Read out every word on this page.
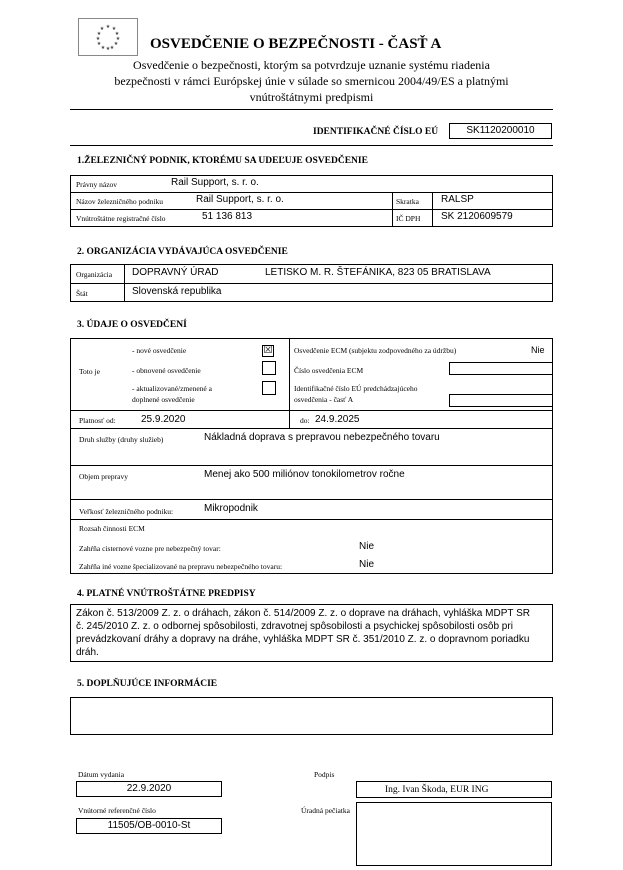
★ ★
★
★
★
★
★
★
★
★
★
★
OSVEDČENIE O BEZPEČNOSTI - ČASŤ A
Osvedčenie o bezpečnosti, ktorým sa potvrdzuje uznanie systému riadenia
bezpečnosti v rámci Európskej únie v súlade so smernicou 2004/49/ES a platnými
vnútroštátnymi predpismi
IDENTIFIKAČNÉ ČÍSLO EÚ	SK1120200010
1.ŽELEZNIČNÝ PODNIK, KTORÉMU SA UDEĽUJE OSVEDČENIE
Právny názov	Rail Support, s. r. o.
Názov železničného podniku	Rail Support, s. r. o.	Skratka RALSP
Vnútroštátne registračné číslo	51 136 813	IČ DPH SK 2120609579
2. ORGANIZÁCIA VYDÁVAJÚCA OSVEDČENIE
Organizácia DOPRAVNÝ ÚRAD	LETISKO M. R. ŠTEFÁNIKA, 823 05 BRATISLAVA
Štát	Slovenská republika
3. ÚDAJE O OSVEDČENÍ
Toto je
- nové osvedčenie	☒
- obnovené osvedčenie
- aktualizované/zmenené a
doplnené osvedčenie
Osvedčenie ECM (subjektu zodpovedného za údržbu)	Nie
Číslo osvedčenia ECM
Identifikačné číslo EÚ predchádzajúceho
osvedčenia - časť A
Platnosť od:	25.9.2020	do: 24.9.2025
Druh služby (druhy služieb)	Nákladná doprava s prepravou nebezpečného tovaru
Objem prepravy	Menej ako 500 miliónov tonokilometrov ročne
Veľkosť železničného podniku:	Mikropodnik
Rozsah činnosti ECM
Zahŕňa cisternové vozne pre nebezpečný tovar:	Nie
Zahŕňa iné vozne špecializované na prepravu nebezpečného tovaru:	Nie
4. PLATNÉ VNÚTROŠTÁTNE PREDPISY
Zákon č. 513/2009 Z. z. o dráhach, zákon č. 514/2009 Z. z. o doprave na dráhach, vyhláška MDPT SR
č. 245/2010 Z. z. o odbornej spôsobilosti, zdravotnej spôsobilosti a psychickej spôsobilosti osôb pri
prevádzkovaní dráhy a dopravy na dráhe, vyhláška MDPT SR č. 351/2010 Z. z. o dopravnom poriadku
dráh.
5. DOPLŇUJÚCE INFORMÁCIE
Dátum vydania
22.9.2020
Vnútorné referenčné číslo
11505/OB-0010-St
Podpis
Ing. Ivan Škoda, EUR ING
Úradná pečiatka
